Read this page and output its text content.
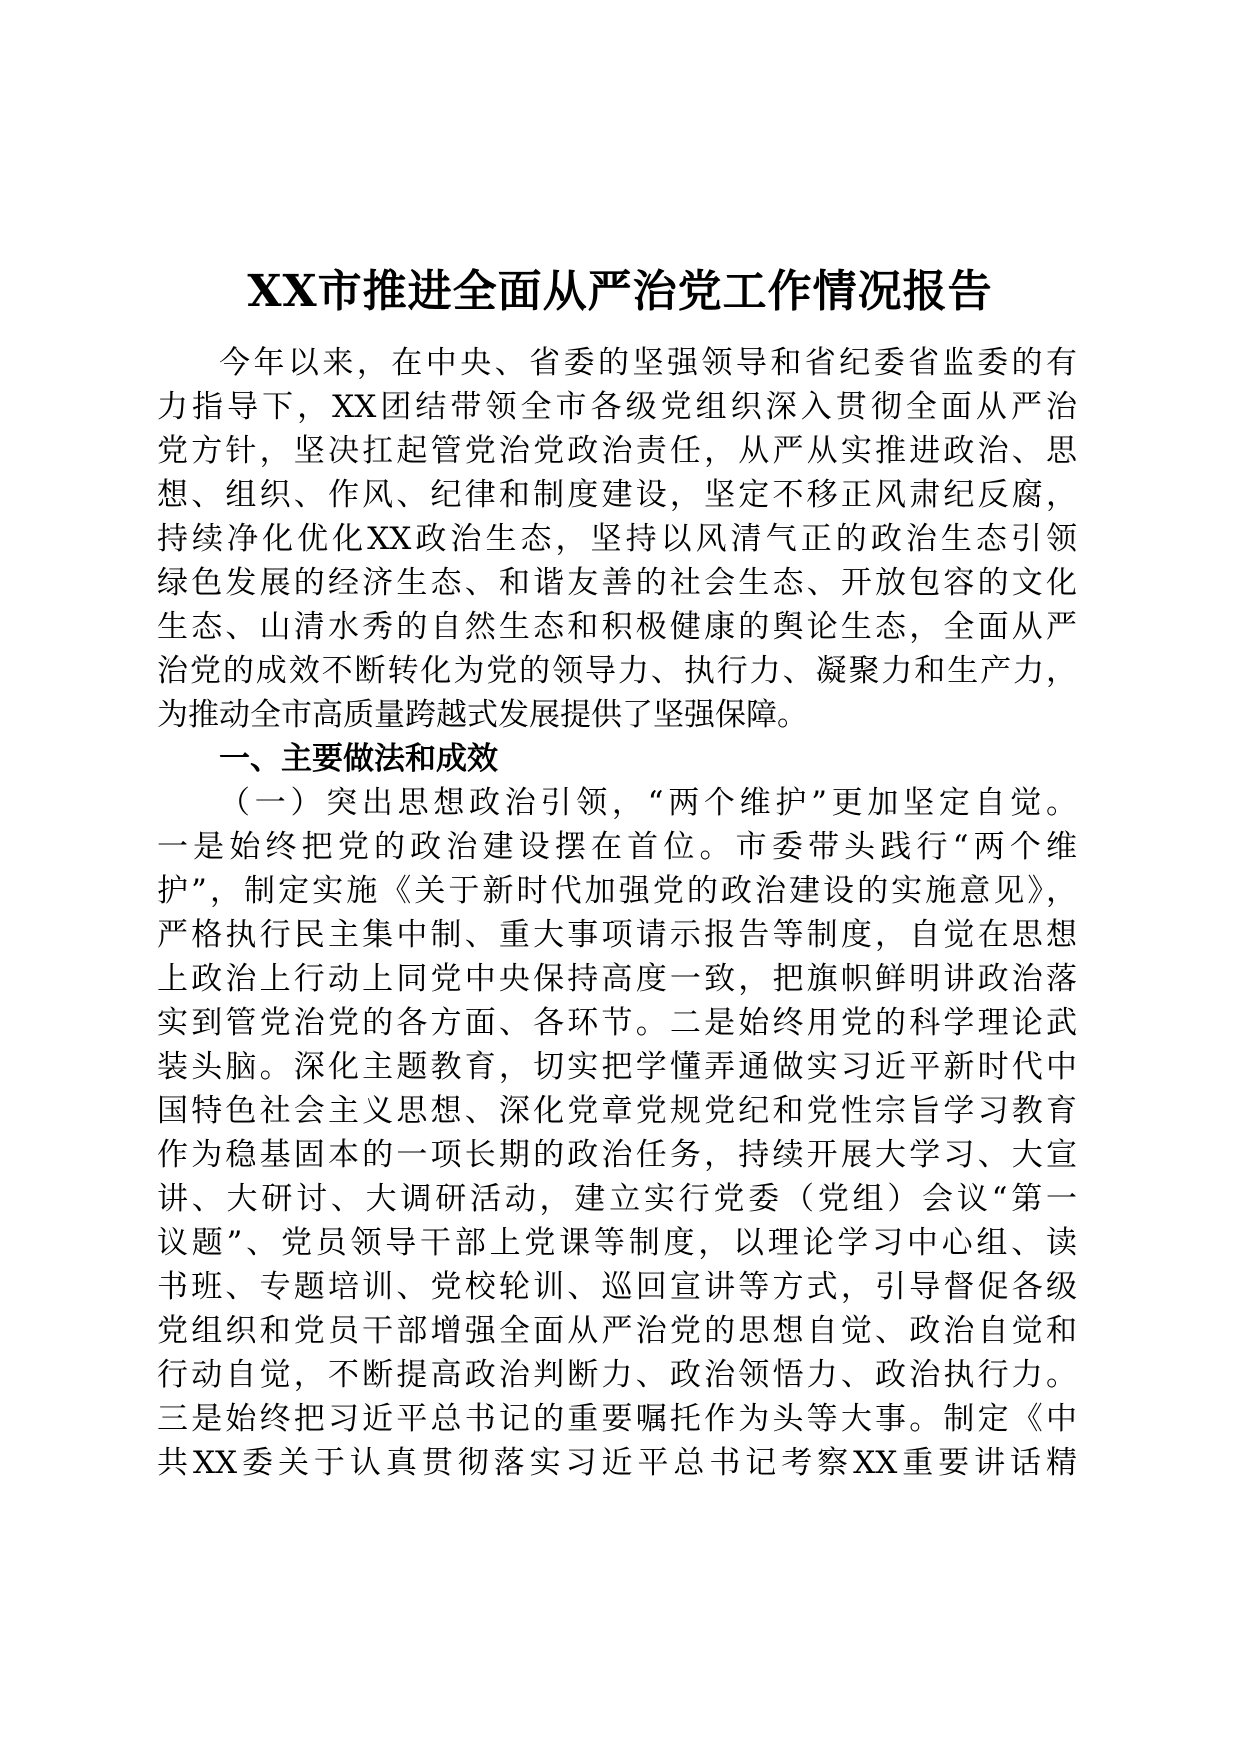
XX市推进全面从严治党工作情况报告
今年以来，在中央、省委的坚强领导和省纪委省监委的有
力指导下，XX团结带领全市各级党组织深入贯彻全面从严治
党方针，坚决扛起管党治党政治责任，从严从实推进政治、思
想、组织、作风、纪律和制度建设，坚定不移正风肃纪反腐，
持续净化优化XX政治生态，坚持以风清气正的政治生态引领
绿色发展的经济生态、和谐友善的社会生态、开放包容的文化
生态、山清水秀的自然生态和积极健康的舆论生态，全面从严
治党的成效不断转化为党的领导力、执行力、凝聚力和生产力，
为推动全市高质量跨越式发展提供了坚强保障。
一、主要做法和成效
（一）突出思想政治引领，“两个维护”更加坚定自觉。
一是始终把党的政治建设摆在首位。市委带头践行“两个维
护”，制定实施《关于新时代加强党的政治建设的实施意见》，
严格执行民主集中制、重大事项请示报告等制度，自觉在思想
上政治上行动上同党中央保持高度一致，把旗帜鲜明讲政治落
实到管党治党的各方面、各环节。二是始终用党的科学理论武
装头脑。深化主题教育，切实把学懂弄通做实习近平新时代中
国特色社会主义思想、深化党章党规党纪和党性宗旨学习教育
作为稳基固本的一项长期的政治任务，持续开展大学习、大宣
讲、大研讨、大调研活动，建立实行党委（党组）会议“第一
议题”、党员领导干部上党课等制度，以理论学习中心组、读
书班、专题培训、党校轮训、巡回宣讲等方式，引导督促各级
党组织和党员干部增强全面从严治党的思想自觉、政治自觉和
行动自觉，不断提高政治判断力、政治领悟力、政治执行力。
三是始终把习近平总书记的重要嘱托作为头等大事。制定《中
共XX委关于认真贯彻落实习近平总书记考察XX重要讲话精
